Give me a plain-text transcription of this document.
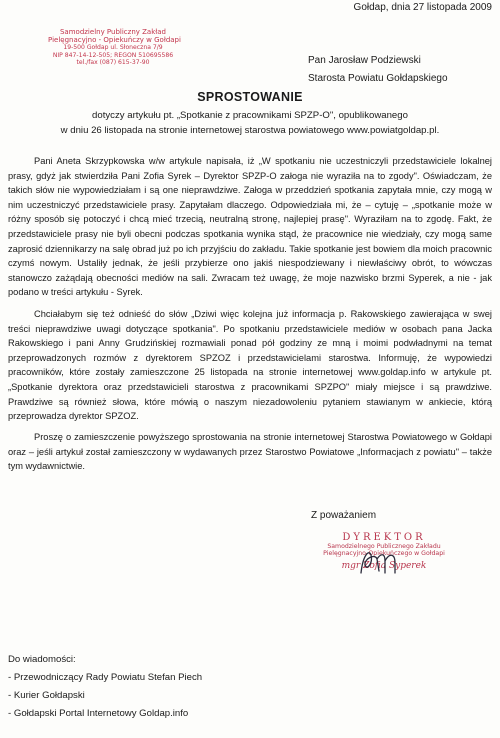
Gołdap, dnia 27 listopada 2009
Samodzielny Publiczny Zakład
Pielęgnacyjno - Opiekuńczy w Gołdapi
19-500 Gołdap ul. Słoneczna 7/9
NIP 847-14-12-505; REGON 510695586
tel./fax (087) 615-37-90	Pan Jarosław Podziewski
Starosta Powiatu Gołdapskiego
SPROSTOWANIE
dotyczy artykułu pt. „Spotkanie z pracownikami SPZP-O", opublikowanego
w dniu 26 listopada na stronie internetowej starostwa powiatowego www.powiatgoldap.pl.
Pani Aneta Skrzypkowska w/w artykule napisała, iż „W spotkaniu nie uczestniczyli przedstawiciele lokalnej prasy, gdyż jak stwierdziła Pani Zofia Syrek – Dyrektor SPZP-O załoga nie wyraziła na to zgody". Oświadczam, że takich słów nie wypowiedziałam i są one nieprawdziwe. Załoga w przeddzień spotkania zapytała mnie, czy mogą w nim uczestniczyć przedstawiciele prasy. Zapytałam dlaczego. Odpowiedziała mi, że – cytuję – „spotkanie może w różny sposób się potoczyć i chcą mieć trzecią, neutralną stronę, najlepiej prasę". Wyraziłam na to zgodę. Fakt, że przedstawiciele prasy nie byli obecni podczas spotkania wynika stąd, że pracownice nie wiedziały, czy mogą same zaprosić dziennikarzy na salę obrad już po ich przyjściu do zakładu. Takie spotkanie jest bowiem dla moich pracownic czymś nowym. Ustaliły jednak, że jeśli przybierze ono jakiś niespodziewany i niewłaściwy obrót, to wówczas stanowczo zażądają obecności mediów na sali. Zwracam też uwagę, że moje nazwisko brzmi Syperek, a nie - jak podano w treści artykułu - Syrek.
Chciałabym się też odnieść do słów „Dziwi więc kolejna już informacja p. Rakowskiego zawierająca w swej treści nieprawdziwe uwagi dotyczące spotkania". Po spotkaniu przedstawiciele mediów w osobach pana Jacka Rakowskiego i pani Anny Grudzińskiej rozmawiali ponad pół godziny ze mną i moimi podwładnymi na temat przeprowadzonych rozmów z dyrektorem SPZOZ i przedstawicielami starostwa. Informuję, że wypowiedzi pracowników, które zostały zamieszczone 25 listopada na stronie internetowej www.goldap.info w artykule pt. „Spotkanie dyrektora oraz przedstawicieli starostwa z pracownikami SPZPO" miały miejsce i są prawdziwe. Prawdziwe są również słowa, które mówią o naszym niezadowoleniu pytaniem stawianym w ankiecie, którą przeprowadza dyrektor SPZOZ.
Proszę o zamieszczenie powyższego sprostowania na stronie internetowej Starostwa Powiatowego w Gołdapi oraz – jeśli artykuł został zamieszczony w wydawanych przez Starostwo Powiatowe „Informacjach z powiatu" – także tym wydawnictwie.
Z poważaniem
DYREKTOR
Samodzielnego Publicznego Zakładu
Pielęgnacyjno-Opiekuńczego w Gołdapi
mgr Zofia Syperek
Do wiadomości:
- Przewodniczący Rady Powiatu Stefan Piech
- Kurier Gołdapski
- Gołdapski Portal Internetowy Goldap.info
